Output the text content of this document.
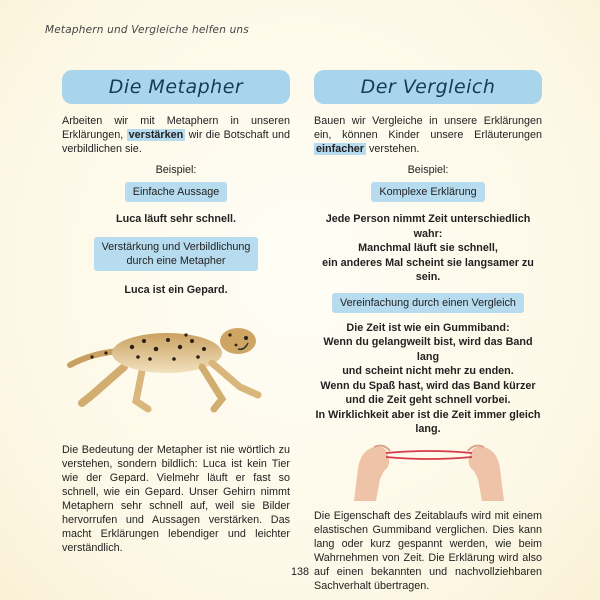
Metaphern und Vergleiche helfen uns
Die Metapher

Arbeiten wir mit Metaphern in unseren Erklärungen, verstärken wir die Botschaft und verbildlichen sie.

Beispiel:
Einfache Aussage
Luca läuft sehr schnell.
Verstärkung und Verbildlichung
durch eine Metapher
Luca ist ein Gepard.

Die Bedeutung der Metapher ist nie wörtlich zu verstehen, sondern bildlich: Luca ist kein Tier wie der Gepard. Vielmehr läuft er fast so schnell, wie ein Gepard. Unser Gehirn nimmt Metaphern sehr schnell auf, weil sie Bilder hervorrufen und Aussagen verstärken. Das macht Erklärungen lebendiger und leichter verständlich.

Der Vergleich

Bauen wir Vergleiche in unsere Erklärungen ein, können Kinder unsere Erläuterungen einfacher verstehen.

Beispiel:
Komplexe Erklärung
Jede Person nimmt Zeit unterschiedlich wahr:
Manchmal läuft sie schnell,
ein anderes Mal scheint sie langsamer zu sein.
Vereinfachung durch einen Vergleich
Die Zeit ist wie ein Gummiband:
Wenn du gelangweilt bist, wird das Band lang
und scheint nicht mehr zu enden.
Wenn du Spaß hast, wird das Band kürzer
und die Zeit geht schnell vorbei.
In Wirklichkeit aber ist die Zeit immer gleich
lang.

Die Eigenschaft des Zeitablaufs wird mit einem elastischen Gummiband verglichen. Dies kann lang oder kurz gespannt werden, wie beim Wahrnehmen von Zeit. Die Erklärung wird also auf einen bekannten und nachvollziehbaren Sachverhalt übertragen.

138
